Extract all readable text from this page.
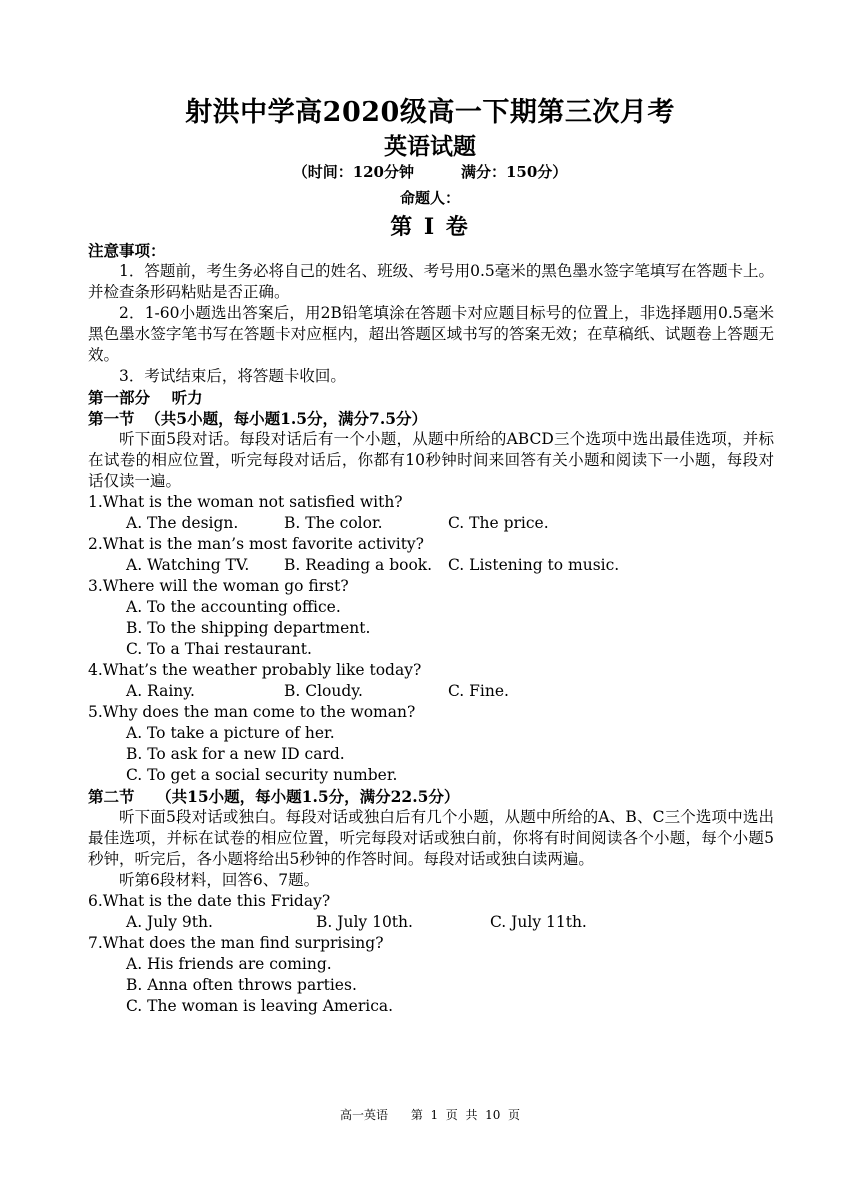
射洪中学高2020级高一下期第三次月考
英语试题
（时间：120分钟         满分：150分）
命题人：
第 I 卷

注意事项：

1．答题前，考生务必将自己的姓名、班级、考号用0.5毫米的黑色墨水签字笔填写在答题卡上。并检查条形码粘贴是否正确。

2．1-60小题选出答案后，用2B铅笔填涂在答题卡对应题目标号的位置上，非选择题用0.5毫米黑色墨水签字笔书写在答题卡对应框内，超出答题区域书写的答案无效；在草稿纸、试题卷上答题无效。

3．考试结束后，将答题卡收回。

第一部分    听力

第一节  （共5小题，每小题1.5分，满分7.5分）

听下面5段对话。每段对话后有一个小题，从题中所给的ABCD三个选项中选出最佳选项，并标在试卷的相应位置，听完每段对话后，你都有10秒钟时间来回答有关小题和阅读下一小题，每段对话仅读一遍。

1.What is the woman not satisfied with?

A. The design.	B. The color.	C. The price.

2.What is the man’s most favorite activity?

A. Watching TV. B. Reading a book. C. Listening to music.

3.Where will the woman go first?

A. To the accounting office.

B. To the shipping department.

C. To a Thai restaurant.

4.What’s the weather probably like today?

A. Rainy.	B. Cloudy.	C. Fine.

5.Why does the man come to the woman?

A. To take a picture of her.

B. To ask for a new ID card.

C. To get a social security number.

第二节    （共15小题，每小题1.5分，满分22.5分）

听下面5段对话或独白。每段对话或独白后有几个小题，从题中所给的A、B、C三个选项中选出最佳选项，并标在试卷的相应位置，听完每段对话或独白前，你将有时间阅读各个小题，每个小题5秒钟，听完后，各小题将给出5秒钟的作答时间。每段对话或独白读两遍。

听第6段材料，回答6、7题。

6.What is the date this Friday?

A. July 9th.	B. July 10th.	C. July 11th.

7.What does the man find surprising?

A. His friends are coming.

B. Anna often throws parties.

C. The woman is leaving America.

高一英语      第  1  页  共  10  页
